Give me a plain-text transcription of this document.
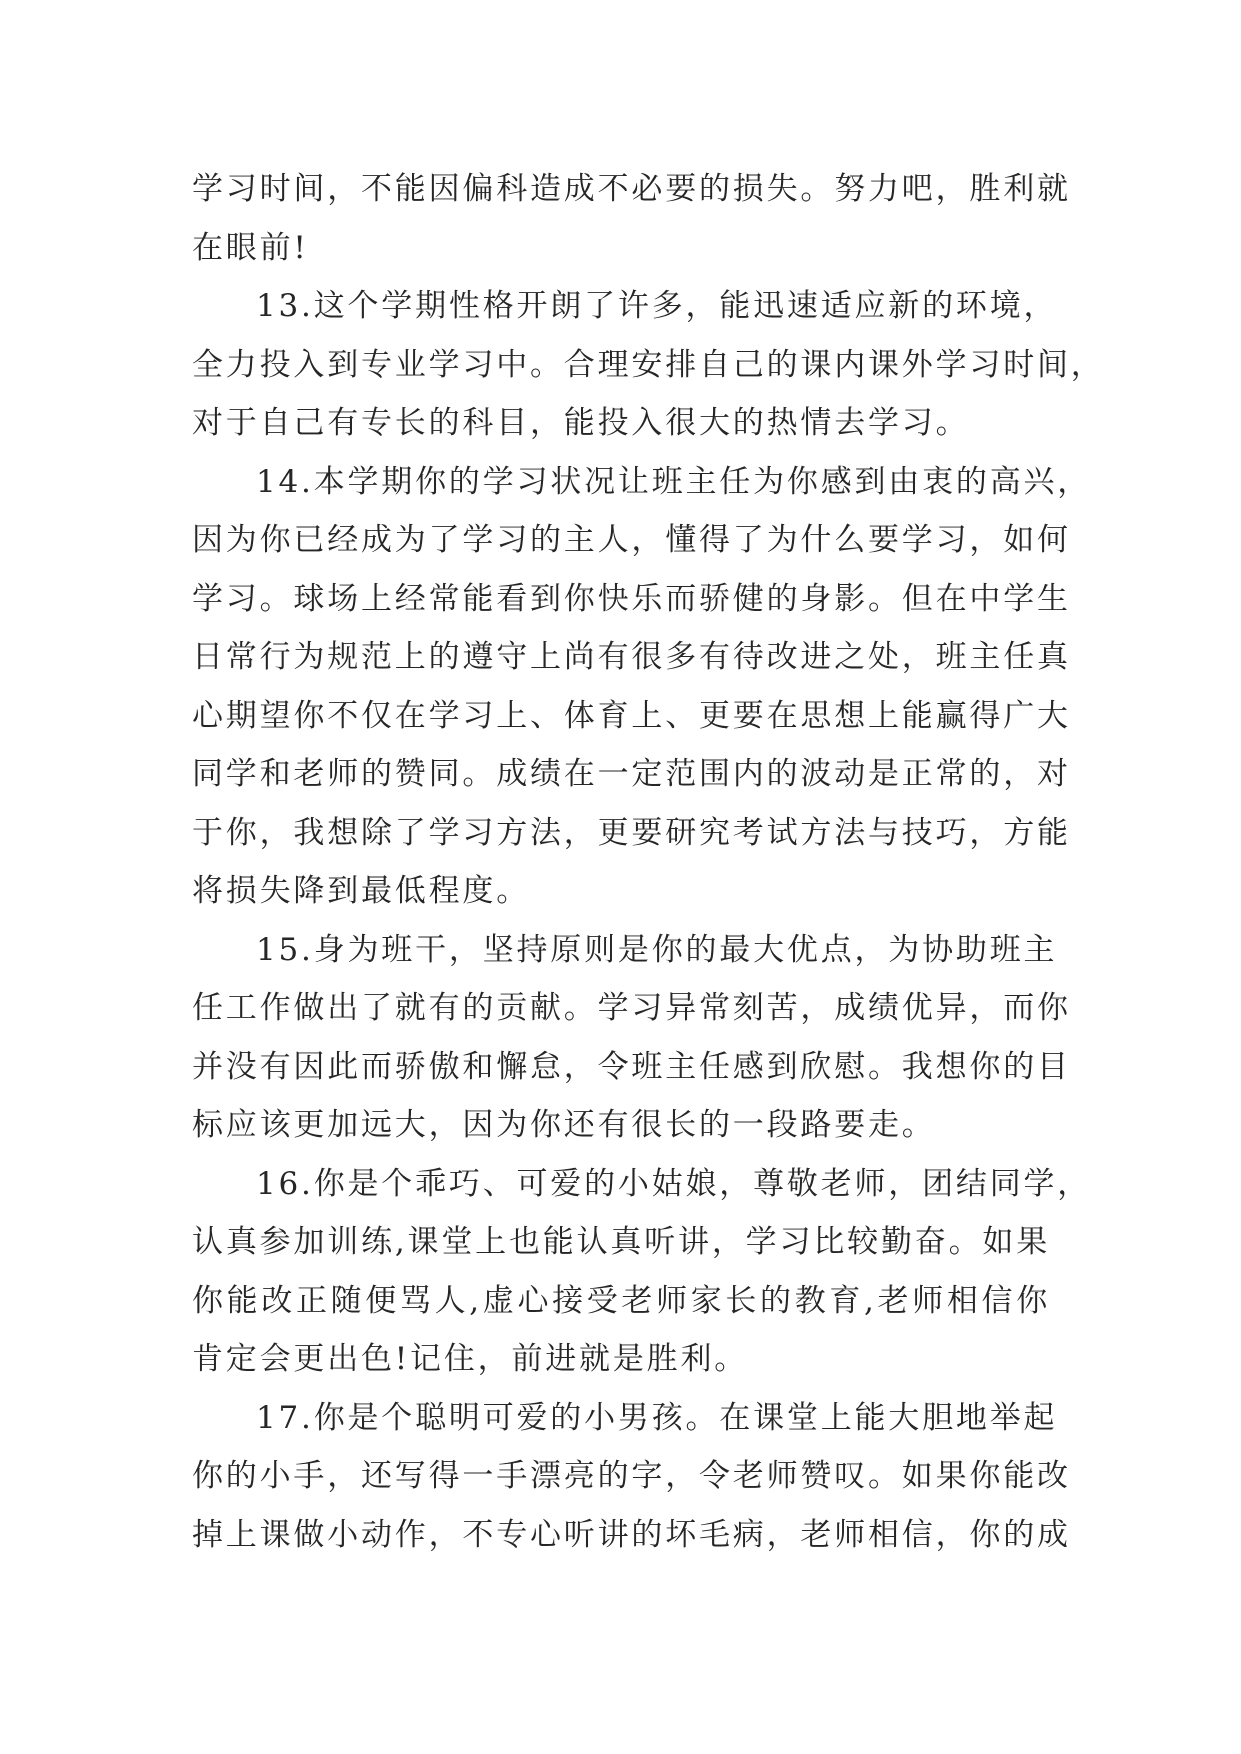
学习时间，不能因偏科造成不必要的损失。努力吧，胜利就
在眼前!
13.这个学期性格开朗了许多，能迅速适应新的环境，
全力投入到专业学习中。合理安排自己的课内课外学习时间，
对于自己有专长的科目，能投入很大的热情去学习。
14.本学期你的学习状况让班主任为你感到由衷的高兴，
因为你已经成为了学习的主人，懂得了为什么要学习，如何
学习。球场上经常能看到你快乐而骄健的身影。但在中学生
日常行为规范上的遵守上尚有很多有待改进之处，班主任真
心期望你不仅在学习上、体育上、更要在思想上能赢得广大
同学和老师的赞同。成绩在一定范围内的波动是正常的，对
于你，我想除了学习方法，更要研究考试方法与技巧，方能
将损失降到最低程度。
15.身为班干，坚持原则是你的最大优点，为协助班主
任工作做出了就有的贡献。学习异常刻苦，成绩优异，而你
并没有因此而骄傲和懈怠，令班主任感到欣慰。我想你的目
标应该更加远大，因为你还有很长的一段路要走。
16.你是个乖巧、可爱的小姑娘，尊敬老师，团结同学，
认真参加训练,课堂上也能认真听讲，学习比较勤奋。如果
你能改正随便骂人,虚心接受老师家长的教育,老师相信你
肯定会更出色!记住，前进就是胜利。
17.你是个聪明可爱的小男孩。在课堂上能大胆地举起
你的小手，还写得一手漂亮的字，令老师赞叹。如果你能改
掉上课做小动作，不专心听讲的坏毛病，老师相信，你的成
